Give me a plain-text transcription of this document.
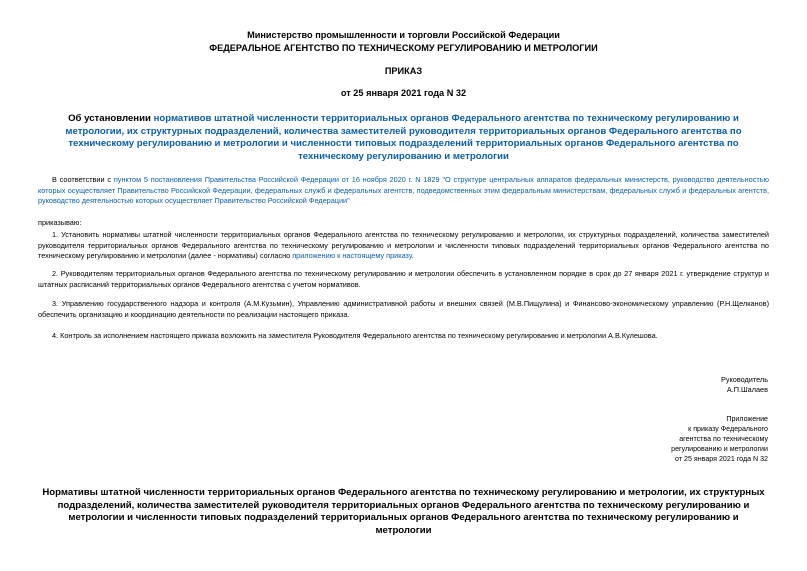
Министерство промышленности и торговли Российской Федерации
ФЕДЕРАЛЬНОЕ АГЕНТСТВО ПО ТЕХНИЧЕСКОМУ РЕГУЛИРОВАНИЮ И МЕТРОЛОГИИ
ПРИКАЗ
от 25 января 2021 года N 32
Об установлении нормативов штатной численности территориальных органов Федерального агентства по техническому регулированию и метрологии, их структурных подразделений, количества заместителей руководителя территориальных органов Федерального агентства по техническому регулированию и метрологии и численности типовых подразделений территориальных органов Федерального агентства по техническому регулированию и метрологии
В соответствии с пунктом 5 постановления Правительства Российской Федерации от 16 ноября 2020 г. N 1829 "О структуре центральных аппаратов федеральных министерств, руководство деятельностью которых осуществляет Правительство Российской Федерации, федеральных служб и федеральных агентств, подведомственных этим федеральным министерствам, федеральных служб и федеральных агентств, руководство деятельностью которых осуществляет Правительство Российской Федерации"
приказываю:
1. Установить нормативы штатной численности территориальных органов Федерального агентства по техническому регулированию и метрологии, их структурных подразделений, количества заместителей руководителя территориальных органов Федерального агентства по техническому регулированию и метрологии и численности типовых подразделений территориальных органов Федерального агентства по техническому регулированию и метрологии (далее - нормативы) согласно приложению к настоящему приказу.
2. Руководителям территориальных органов Федерального агентства по техническому регулированию и метрологии обеспечить в установленном порядке в срок до 27 января 2021 г. утверждение структур и штатных расписаний территориальных органов Федерального агентства с учетом нормативов.
3. Управлению государственного надзора и контроля (А.М.Кузьмин), Управлению административной работы и внешних связей (М.В.Пищулина) и Финансово-экономическому управлению (Р.Н.Щелканов) обеспечить организацию и координацию деятельности по реализации настоящего приказа.
4. Контроль за исполнением настоящего приказа возложить на заместителя Руководителя Федерального агентства по техническому регулированию и метрологии А.В.Кулешова.
Руководитель
А.П.Шалаев
Приложение
к приказу Федерального
агентства по техническому
регулированию и метрологии
от 25 января 2021 года N 32
Нормативы штатной численности территориальных органов Федерального агентства по техническому регулированию и метрологии, их структурных подразделений, количества заместителей руководителя территориальных органов Федерального агентства по техническому регулированию и метрологии и численности типовых подразделений территориальных органов Федерального агентства по техническому регулированию и метрологии
